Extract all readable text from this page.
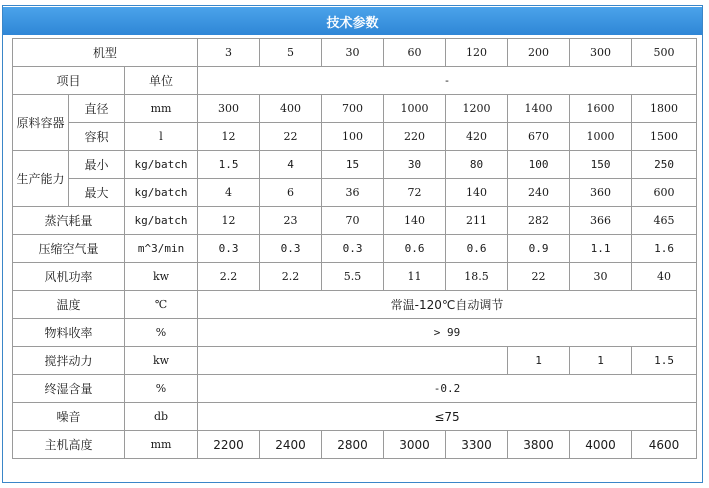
技术参数
机型			3	5	30	60	120	200	300	500
项目		单位	-							
原料容器	直径	mm	300	400	700	1000	1200	1400	1600	1800
	容积	l	12	22	100	220	420	670	1000	1500
生产能力	最小	kg/batch	1.5	4	15	30	80	100	150	250
	最大	kg/batch	4	6	36	72	140	240	360	600
蒸汽耗量		kg/batch	12	23	70	140	211	282	366	465
压缩空气量		m^3/min	0.3	0.3	0.3	0.6	0.6	0.9	1.1	1.6
风机功率		kw	2.2	2.2	5.5	11	18.5	22	30	40
温度		℃	常温-120℃自动调节							
物料收率		%	> 99							
搅拌动力		kw						1	1	1.5
终湿含量		%	-0.2							
噪音		db	≤75							
主机高度		mm	2200	2400	2800	3000	3300	3800	4000	4600
